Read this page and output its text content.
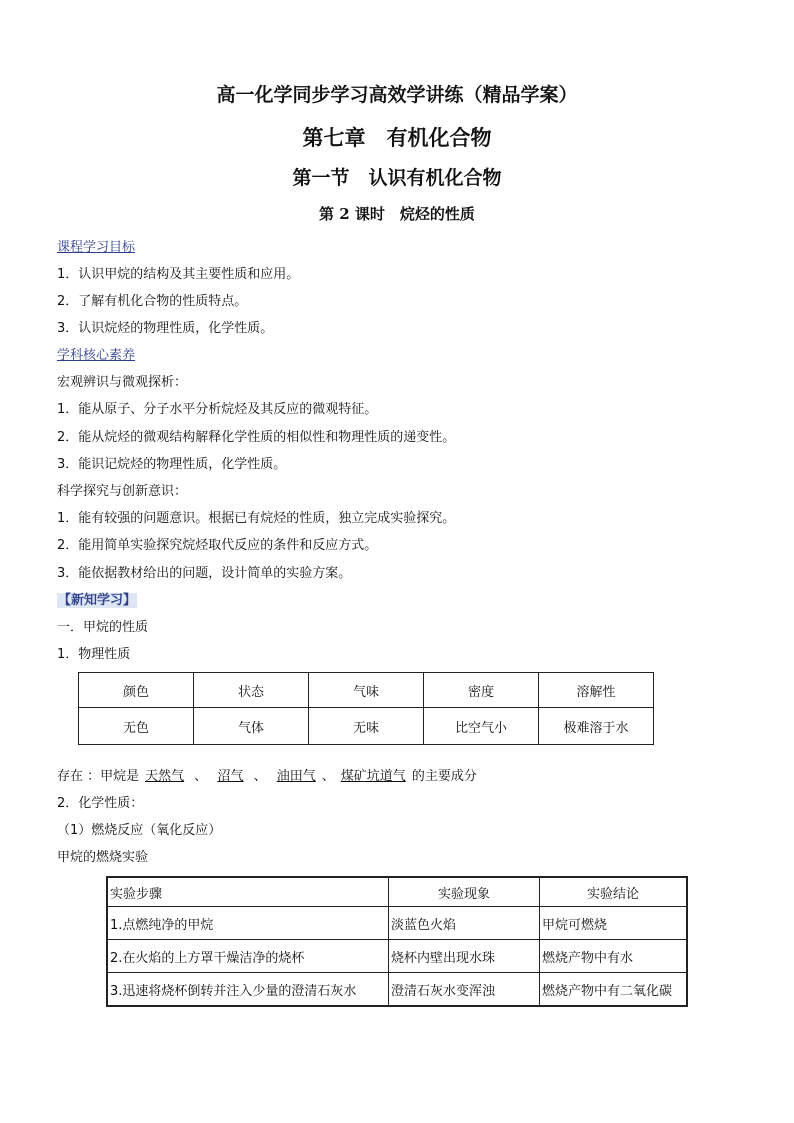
高一化学同步学习高效学讲练（精品学案）
第七章　有机化合物
第一节　认识有机化合物
第 2 课时　烷烃的性质
课程学习目标
1．认识甲烷的结构及其主要性质和应用。
2．了解有机化合物的性质特点。
3．认识烷烃的物理性质，化学性质。
学科核心素养
宏观辨识与微观探析：
1．能从原子、分子水平分析烷烃及其反应的微观特征。
2．能从烷烃的微观结构解释化学性质的相似性和物理性质的递变性。
3．能识记烷烃的物理性质，化学性质。
科学探究与创新意识：
1．能有较强的问题意识。根据已有烷烃的性质，独立完成实验探究。
2．能用简单实验探究烷烃取代反应的条件和反应方式。
3．能依据教材给出的问题，设计简单的实验方案。
【新知学习】
一．甲烷的性质
1．物理性质
颜色	状态	气味	密度	溶解性
无色	气体	无味	比空气小	极难溶于水
存在 ：甲烷是 天然气 、 沼气 、 油田气 、 煤矿坑道气 的主要成分
2．化学性质：
（1）燃烧反应（氧化反应）
甲烷的燃烧实验
实验步骤	实验现象	实验结论
1.点燃纯净的甲烷	淡蓝色火焰	甲烷可燃烧
2.在火焰的上方罩干燥洁净的烧杯	烧杯内壁出现水珠	燃烧产物中有水
3.迅速将烧杯倒转并注入少量的澄清石灰水	澄清石灰水变浑浊	燃烧产物中有二氧化碳
